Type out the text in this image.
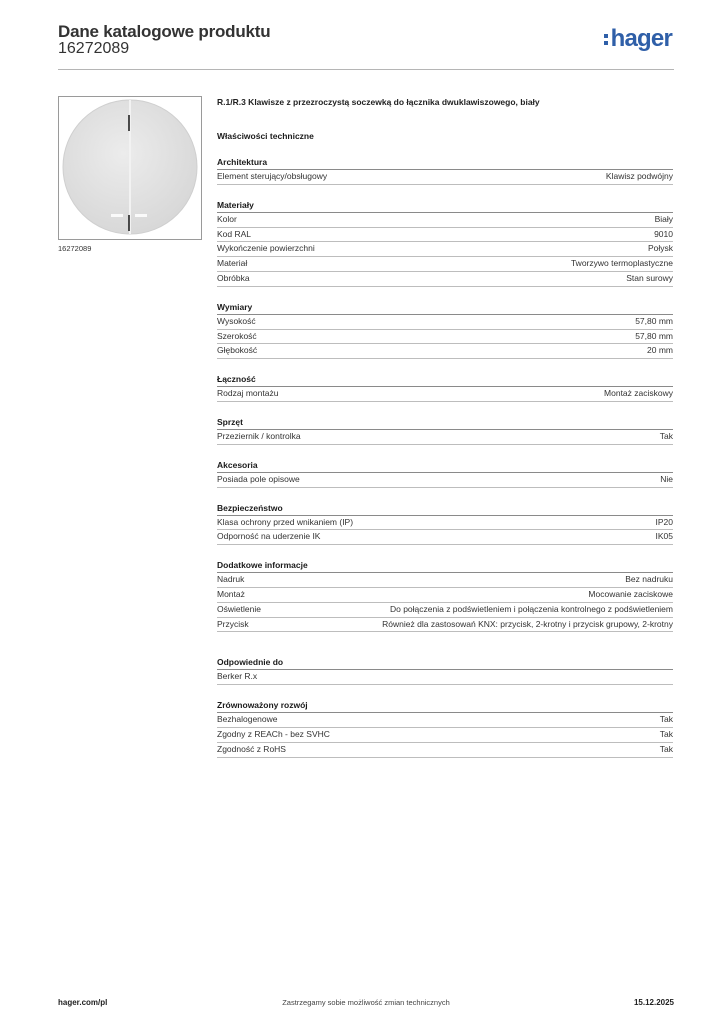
Dane katalogowe produktu
16272089	hager
16272089
R.1/R.3 Klawisze z przezroczystą soczewką do łącznika dwuklawiszowego, biały
Właściwości techniczne
Architektura
Element sterujący/obsługowy	Klawisz podwójny
Materiały
Kolor	Biały
Kod RAL	9010
Wykończenie powierzchni	Połysk
Materiał	Tworzywo termoplastyczne
Obróbka	Stan surowy
Wymiary
Wysokość	57,80 mm
Szerokość	57,80 mm
Głębokość	20 mm
Łączność
Rodzaj montażu	Montaż zaciskowy
Sprzęt
Przeziernik / kontrolka	Tak
Akcesoria
Posiada pole opisowe	Nie
Bezpieczeństwo
Klasa ochrony przed wnikaniem (IP)	IP20
Odporność na uderzenie IK	IK05
Dodatkowe informacje
Nadruk	Bez nadruku
Montaż	Mocowanie zaciskowe
Oświetlenie	Do połączenia z podświetleniem i połączenia kontrolnego z podświetleniem
Przycisk	Również dla zastosowań KNX: przycisk, 2-krotny i przycisk grupowy, 2-krotny
Odpowiednie do
Berker R.x
Zrównoważony rozwój
Bezhalogenowe	Tak
Zgodny z REACh - bez SVHC	Tak
Zgodność z RoHS	Tak
hager.com/pl	Zastrzegamy sobie możliwość zmian technicznych	15.12.2025
